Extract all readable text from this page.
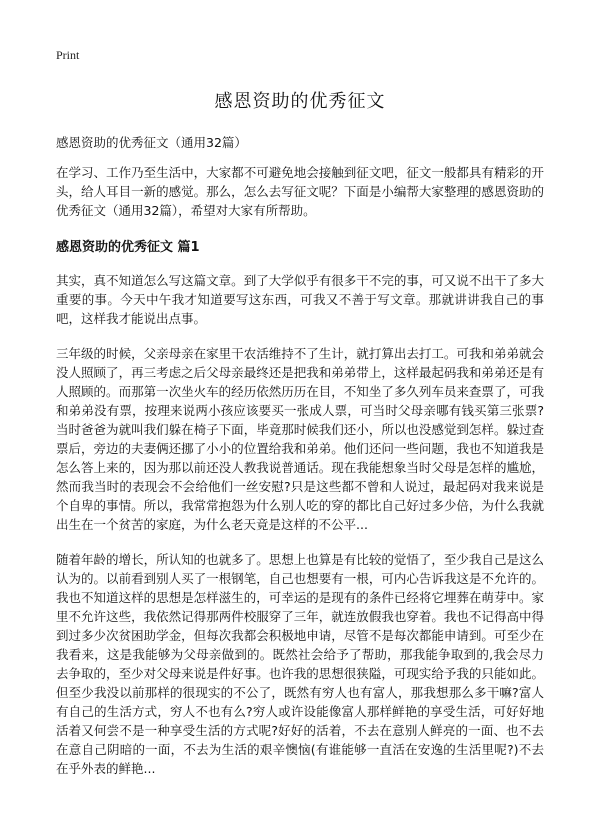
Print
感恩资助的优秀征文
感恩资助的优秀征文（通用32篇）

在学习、工作乃至生活中，大家都不可避免地会接触到征文吧，征文一般都具有精彩的开头，给人耳目一新的感觉。那么，怎么去写征文呢？下面是小编帮大家整理的感恩资助的优秀征文（通用32篇），希望对大家有所帮助。

感恩资助的优秀征文 篇1

其实，真不知道怎么写这篇文章。到了大学似乎有很多干不完的事，可又说不出干了多大重要的事。今天中午我才知道要写这东西，可我又不善于写文章。那就讲讲我自己的事吧，这样我才能说出点事。

三年级的时候，父亲母亲在家里干农活维持不了生计，就打算出去打工。可我和弟弟就会没人照顾了，再三考虑之后父母亲最终还是把我和弟弟带上，这样最起码我和弟弟还是有人照顾的。而那第一次坐火车的经历依然历历在目，不知坐了多久列车员来查票了，可我和弟弟没有票，按理来说两小孩应该要买一张成人票，可当时父母亲哪有钱买第三张票?当时爸爸为就叫我们躲在椅子下面，毕竟那时候我们还小，所以也没感觉到怎样。躲过查票后，旁边的夫妻俩还挪了小小的位置给我和弟弟。他们还问一些问题，我也不知道我是怎么答上来的，因为那以前还没人教我说普通话。现在我能想象当时父母是怎样的尴尬，然而我当时的表现会不会给他们一丝安慰?只是这些都不曾和人说过，最起码对我来说是个自卑的事情。所以，我常常抱怨为什么别人吃的穿的都比自己好过多少倍，为什么我就出生在一个贫苦的家庭，为什么老天竟是这样的不公平...

随着年龄的增长，所认知的也就多了。思想上也算是有比较的觉悟了，至少我自己是这么认为的。以前看到别人买了一根钢笔，自己也想要有一根，可内心告诉我这是不允许的。我也不知道这样的思想是怎样滋生的，可幸运的是现有的条件已经将它埋葬在萌芽中。家里不允许这些，我依然记得那两件校服穿了三年，就连放假我也穿着。我也不记得高中得到过多少次贫困助学金，但每次我都会积极地申请，尽管不是每次都能申请到。可至少在我看来，这是我能够为父母亲做到的。既然社会给予了帮助，那我能争取到的,我会尽力去争取的，至少对父母来说是件好事。也许我的思想很狭隘，可现实给予我的只能如此。但至少我没以前那样的很现实的不公了，既然有穷人也有富人，那我想那么多干嘛?富人有自己的生活方式，穷人不也有么?穷人或许设能像富人那样鲜艳的享受生活，可好好地活着又何尝不是一种享受生活的方式呢?好好的活着，不去在意别人鲜亮的一面、也不去在意自己阴暗的一面，不去为生活的艰辛懊恼(有谁能够一直活在安逸的生活里呢?)不去在乎外表的鲜艳...
